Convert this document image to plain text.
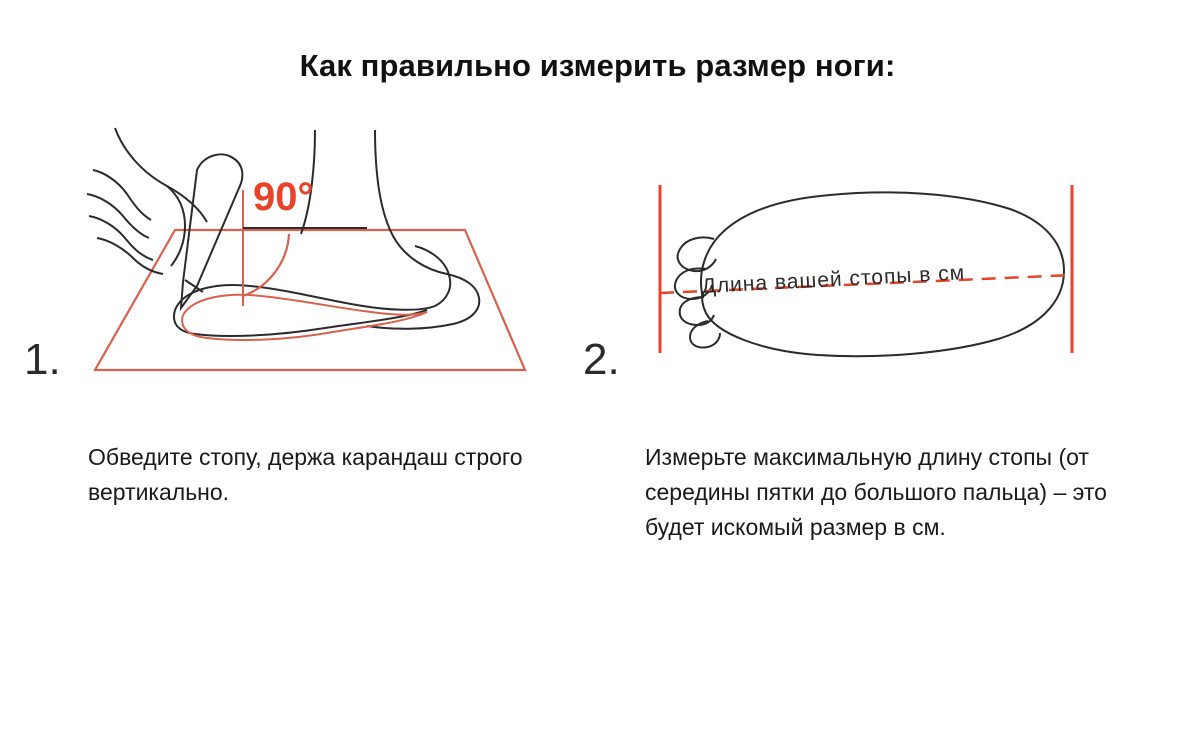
Как правильно измерить размер ноги:
1.
90°
Обведите стопу, держа карандаш строго вертикально.
2.
Длина вашей стопы в см
Измерьте максимальную длину стопы (от середины пятки до большого пальца) – это будет искомый размер в см.
